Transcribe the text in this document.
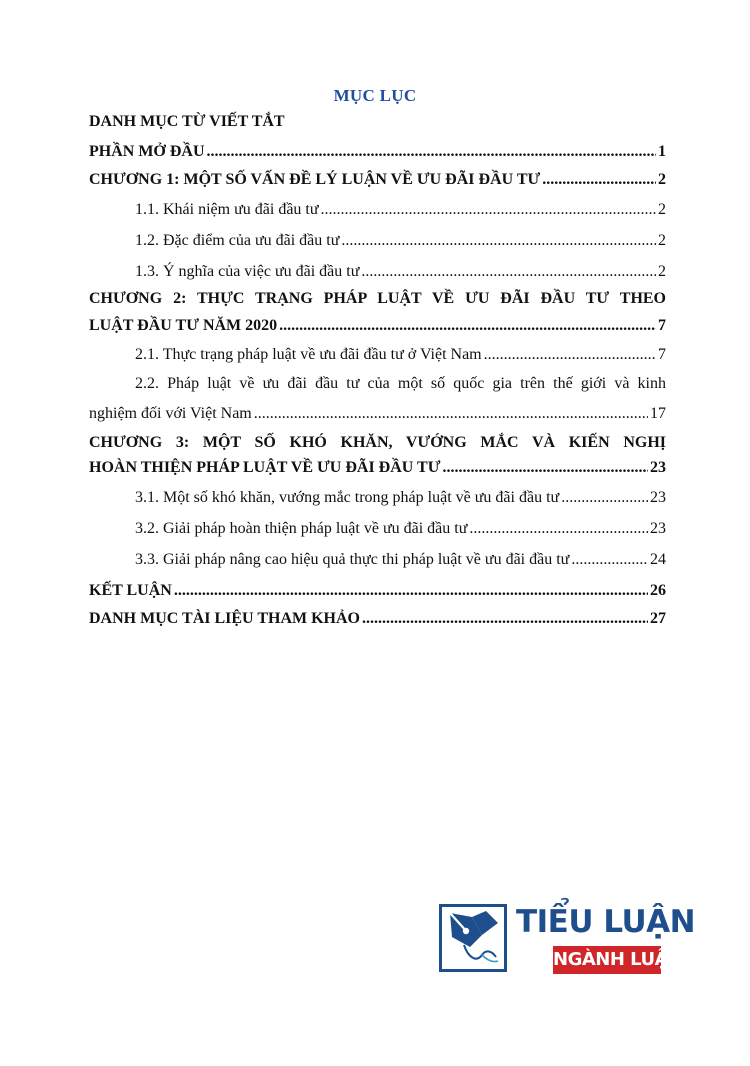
MỤC LỤC
DANH MỤC TỪ VIẾT TẮT
PHẦN MỞ ĐẦU .....	1
CHƯƠNG 1: MỘT SỐ VẤN ĐỀ LÝ LUẬN VỀ ƯU ĐÃI ĐẦU TƯ .....	2
1.1. Khái niệm ưu đãi đầu tư .....	2
1.2. Đặc điểm của ưu đãi đầu tư .....	2
1.3. Ý nghĩa của việc ưu đãi đầu tư .....	2
CHƯƠNG 2: THỰC TRẠNG PHÁP LUẬT VỀ ƯU ĐÃI ĐẦU TƯ THEO
LUẬT ĐẦU TƯ NĂM 2020 .....	7
2.1. Thực trạng pháp luật về ưu đãi đầu tư ở Việt Nam .....	7
2.2. Pháp luật về ưu đãi đầu tư của một số quốc gia trên thế giới và kinh
nghiệm đối với Việt Nam .....	17
CHƯƠNG 3: MỘT SỐ KHÓ KHĂN, VƯỚNG MẮC VÀ KIẾN NGHỊ
HOÀN THIỆN PHÁP LUẬT VỀ ƯU ĐÃI ĐẦU TƯ .....	23
3.1. Một số khó khăn, vướng mắc trong pháp luật về ưu đãi đầu tư .....	23
3.2. Giải pháp hoàn thiện pháp luật về ưu đãi đầu tư .....	23
3.3. Giải pháp nâng cao hiệu quả thực thi pháp luật về ưu đãi đầu tư .....	24
KẾT LUẬN .....	26
DANH MỤC TÀI LIỆU THAM KHẢO .....	27
TIỂU LUẬN
NGÀNH LUẬT
